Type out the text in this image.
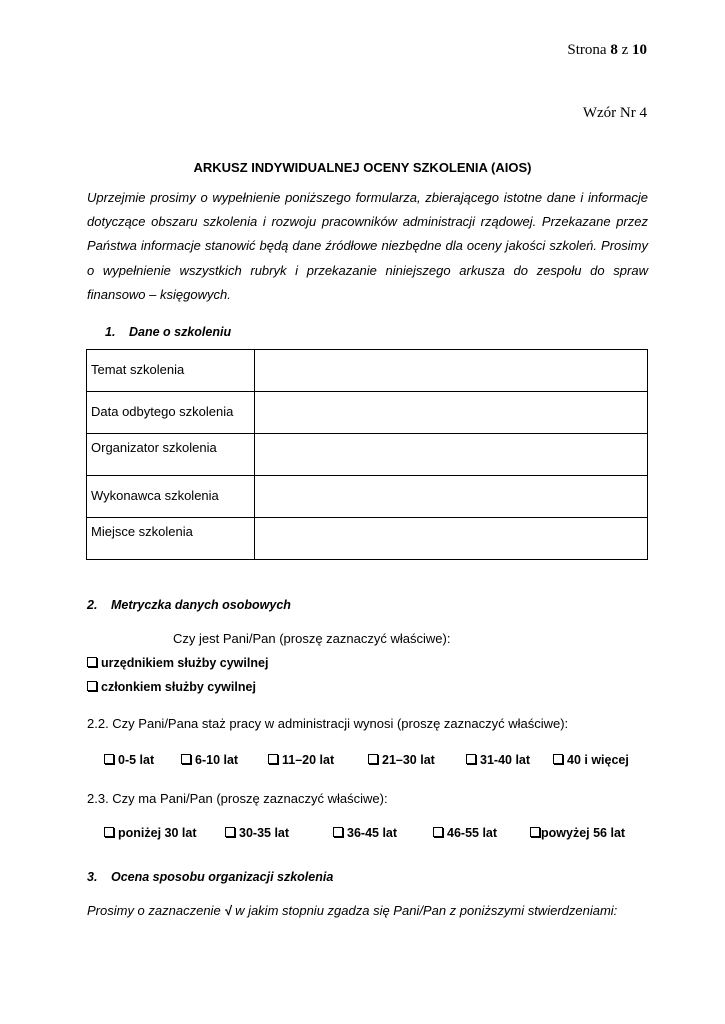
Strona 8 z 10
Wzór Nr 4
ARKUSZ INDYWIDUALNEJ OCENY SZKOLENIA (AIOS)
Uprzejmie prosimy o wypełnienie poniższego formularza, zbierającego istotne dane i informacje dotyczące obszaru szkolenia i rozwoju pracowników administracji rządowej. Przekazane przez Państwa informacje stanowić będą dane źródłowe niezbędne dla oceny jakości szkoleń. Prosimy o wypełnienie wszystkich rubryk i przekazanie niniejszego arkusza do zespołu do spraw finansowo – księgowych.
1. Dane o szkoleniu
Temat szkolenia	

Data odbytego szkolenia	

Organizator szkolenia	

Wykonawca szkolenia	

Miejsce szkolenia	

2. Metryczka danych osobowych
Czy jest Pani/Pan (proszę zaznaczyć właściwe):
urzędnikiem służby cywilnej
członkiem służby cywilnej
2.2. Czy Pani/Pana staż pracy w administracji wynosi (proszę zaznaczyć właściwe):
0-5 lat	6-10 lat	11–20 lat	21–30 lat	31-40 lat	40 i więcej
2.3. Czy ma Pani/Pan (proszę zaznaczyć właściwe):
poniżej 30 lat	30-35 lat	36-45 lat	46-55 lat	powyżej 56 lat
3. Ocena sposobu organizacji szkolenia
Prosimy o zaznaczenie √ w jakim stopniu zgadza się Pani/Pan z poniższymi stwierdzeniami:
